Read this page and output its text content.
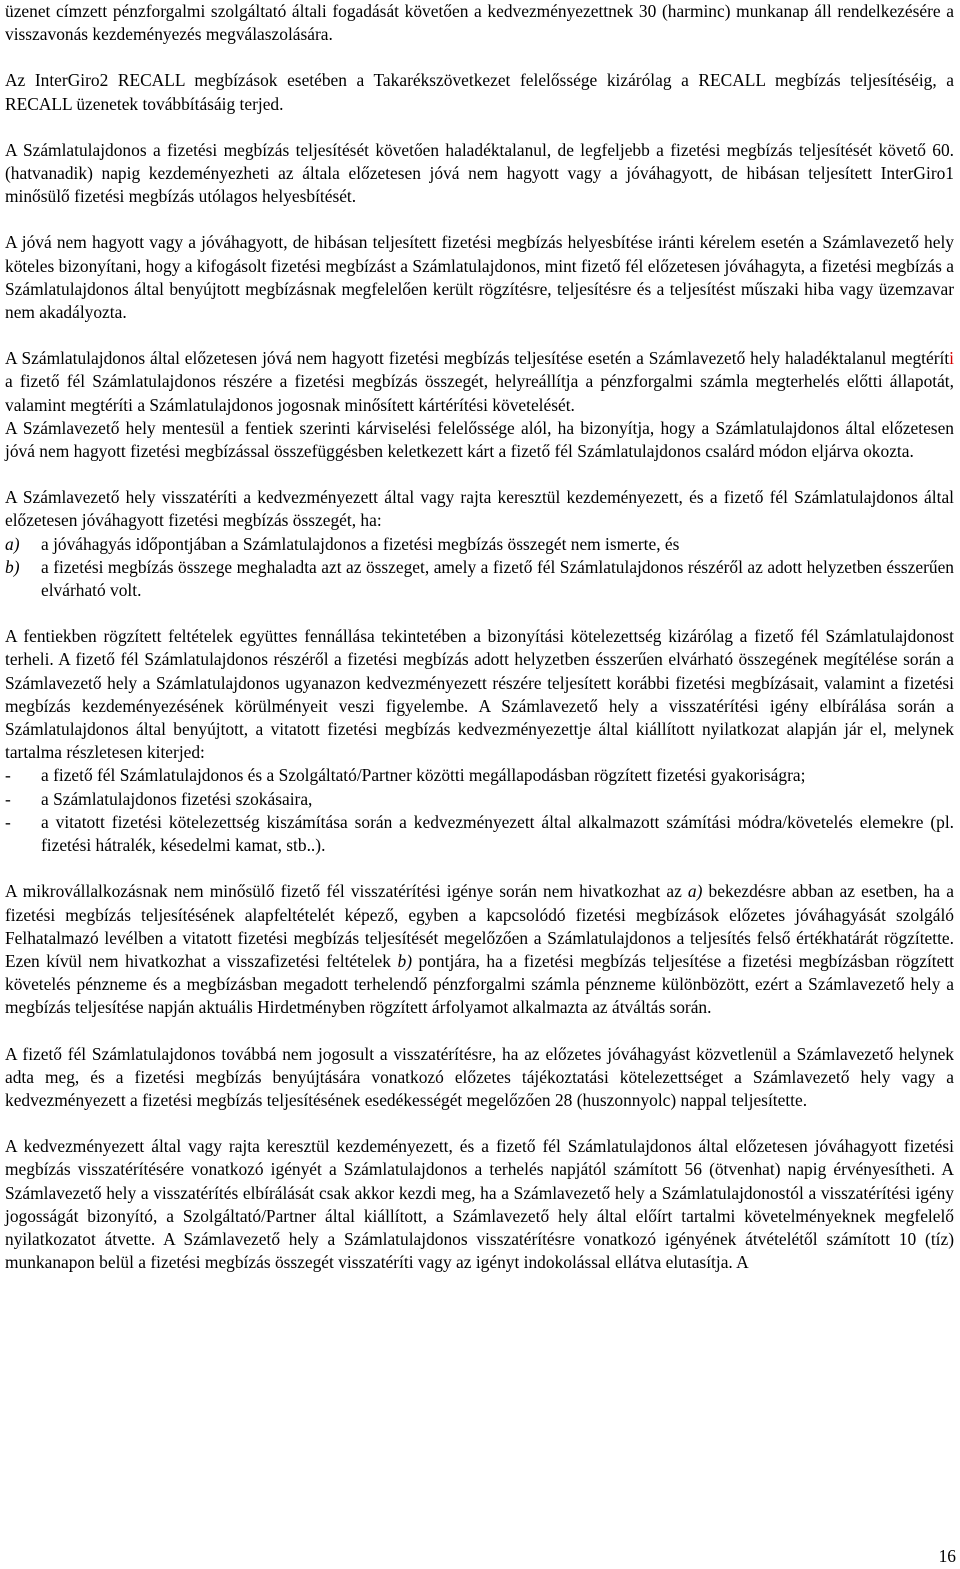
üzenet címzett pénzforgalmi szolgáltató általi fogadását követően a kedvezményezettnek 30 (harminc) munkanap áll rendelkezésére a visszavonás kezdeményezés megválaszolására.

Az InterGiro2 RECALL megbízások esetében a Takarékszövetkezet felelőssége kizárólag a RECALL megbízás teljesítéséig, a RECALL üzenetek továbbításáig terjed.

A Számlatulajdonos a fizetési megbízás teljesítését követően haladéktalanul, de legfeljebb a fizetési megbízás teljesítését követő 60. (hatvanadik) napig kezdeményezheti az általa előzetesen jóvá nem hagyott vagy a jóváhagyott, de hibásan teljesített InterGiro1 minősülő fizetési megbízás utólagos helyesbítését.

A jóvá nem hagyott vagy a jóváhagyott, de hibásan teljesített fizetési megbízás helyesbítése iránti kérelem esetén a Számlavezető hely köteles bizonyítani, hogy a kifogásolt fizetési megbízást a Számlatulajdonos, mint fizető fél előzetesen jóváhagyta, a fizetési megbízás a Számlatulajdonos által benyújtott megbízásnak megfelelően került rögzítésre, teljesítésre és a teljesítést műszaki hiba vagy üzemzavar nem akadályozta.

A Számlatulajdonos által előzetesen jóvá nem hagyott fizetési megbízás teljesítése esetén a Számlavezető hely haladéktalanul megtéríti a fizető fél Számlatulajdonos részére a fizetési megbízás összegét, helyreállítja a pénzforgalmi számla megterhelés előtti állapotát, valamint megtéríti a Számlatulajdonos jogosnak minősített kártérítési követelését.

A Számlavezető hely mentesül a fentiek szerinti kárviselési felelőssége alól, ha bizonyítja, hogy a Számlatulajdonos által előzetesen jóvá nem hagyott fizetési megbízással összefüggésben keletkezett kárt a fizető fél Számlatulajdonos csalárd módon eljárva okozta.

A Számlavezető hely visszatéríti a kedvezményezett által vagy rajta keresztül kezdeményezett, és a fizető fél Számlatulajdonos által előzetesen jóváhagyott fizetési megbízás összegét, ha:

a) a jóváhagyás időpontjában a Számlatulajdonos a fizetési megbízás összegét nem ismerte, és

b) a fizetési megbízás összege meghaladta azt az összeget, amely a fizető fél Számlatulajdonos részéről az adott helyzetben ésszerűen elvárható volt.

A fentiekben rögzített feltételek együttes fennállása tekintetében a bizonyítási kötelezettség kizárólag a fizető fél Számlatulajdonost terheli. A fizető fél Számlatulajdonos részéről a fizetési megbízás adott helyzetben ésszerűen elvárható összegének megítélése során a Számlavezető hely a Számlatulajdonos ugyanazon kedvezményezett részére teljesített korábbi fizetési megbízásait, valamint a fizetési megbízás kezdeményezésének körülményeit veszi figyelembe. A Számlavezető hely a visszatérítési igény elbírálása során a Számlatulajdonos által benyújtott, a vitatott fizetési megbízás kedvezményezettje által kiállított nyilatkozat alapján jár el, melynek tartalma részletesen kiterjed:

- a fizető fél Számlatulajdonos és a Szolgáltató/Partner közötti megállapodásban rögzített fizetési gyakoriságra;

- a Számlatulajdonos fizetési szokásaira,

- a vitatott fizetési kötelezettség kiszámítása során a kedvezményezett által alkalmazott számítási módra/követelés elemekre (pl. fizetési hátralék, késedelmi kamat, stb..).

A mikrovállalkozásnak nem minősülő fizető fél visszatérítési igénye során nem hivatkozhat az a) bekezdésre abban az esetben, ha a fizetési megbízás teljesítésének alapfeltételét képező, egyben a kapcsolódó fizetési megbízások előzetes jóváhagyását szolgáló Felhatalmazó levélben a vitatott fizetési megbízás teljesítését megelőzően a Számlatulajdonos a teljesítés felső értékhatárát rögzítette. Ezen kívül nem hivatkozhat a visszafizetési feltételek b) pontjára, ha a fizetési megbízás teljesítése a fizetési megbízásban rögzített követelés pénzneme és a megbízásban megadott terhelendő pénzforgalmi számla pénzneme különbözött, ezért a Számlavezető hely a megbízás teljesítése napján aktuális Hirdetményben rögzített árfolyamot alkalmazta az átváltás során.

A fizető fél Számlatulajdonos továbbá nem jogosult a visszatérítésre, ha az előzetes jóváhagyást közvetlenül a Számlavezető helynek adta meg, és a fizetési megbízás benyújtására vonatkozó előzetes tájékoztatási kötelezettséget a Számlavezető hely vagy a kedvezményezett a fizetési megbízás teljesítésének esedékességét megelőzően 28 (huszonnyolc) nappal teljesítette.

A kedvezményezett által vagy rajta keresztül kezdeményezett, és a fizető fél Számlatulajdonos által előzetesen jóváhagyott fizetési megbízás visszatérítésére vonatkozó igényét a Számlatulajdonos a terhelés napjától számított 56 (ötvenhat) napig érvényesítheti. A Számlavezető hely a visszatérítés elbírálását csak akkor kezdi meg, ha a Számlavezető hely a Számlatulajdonostól a visszatérítési igény jogosságát bizonyító, a Szolgáltató/Partner által kiállított, a Számlavezető hely által előírt tartalmi követelményeknek megfelelő nyilatkozatot átvette. A Számlavezető hely a Számlatulajdonos visszatérítésre vonatkozó igényének átvételétől számított 10 (tíz) munkanapon belül a fizetési megbízás összegét visszatéríti vagy az igényt indokolással ellátva elutasítja. A

16
